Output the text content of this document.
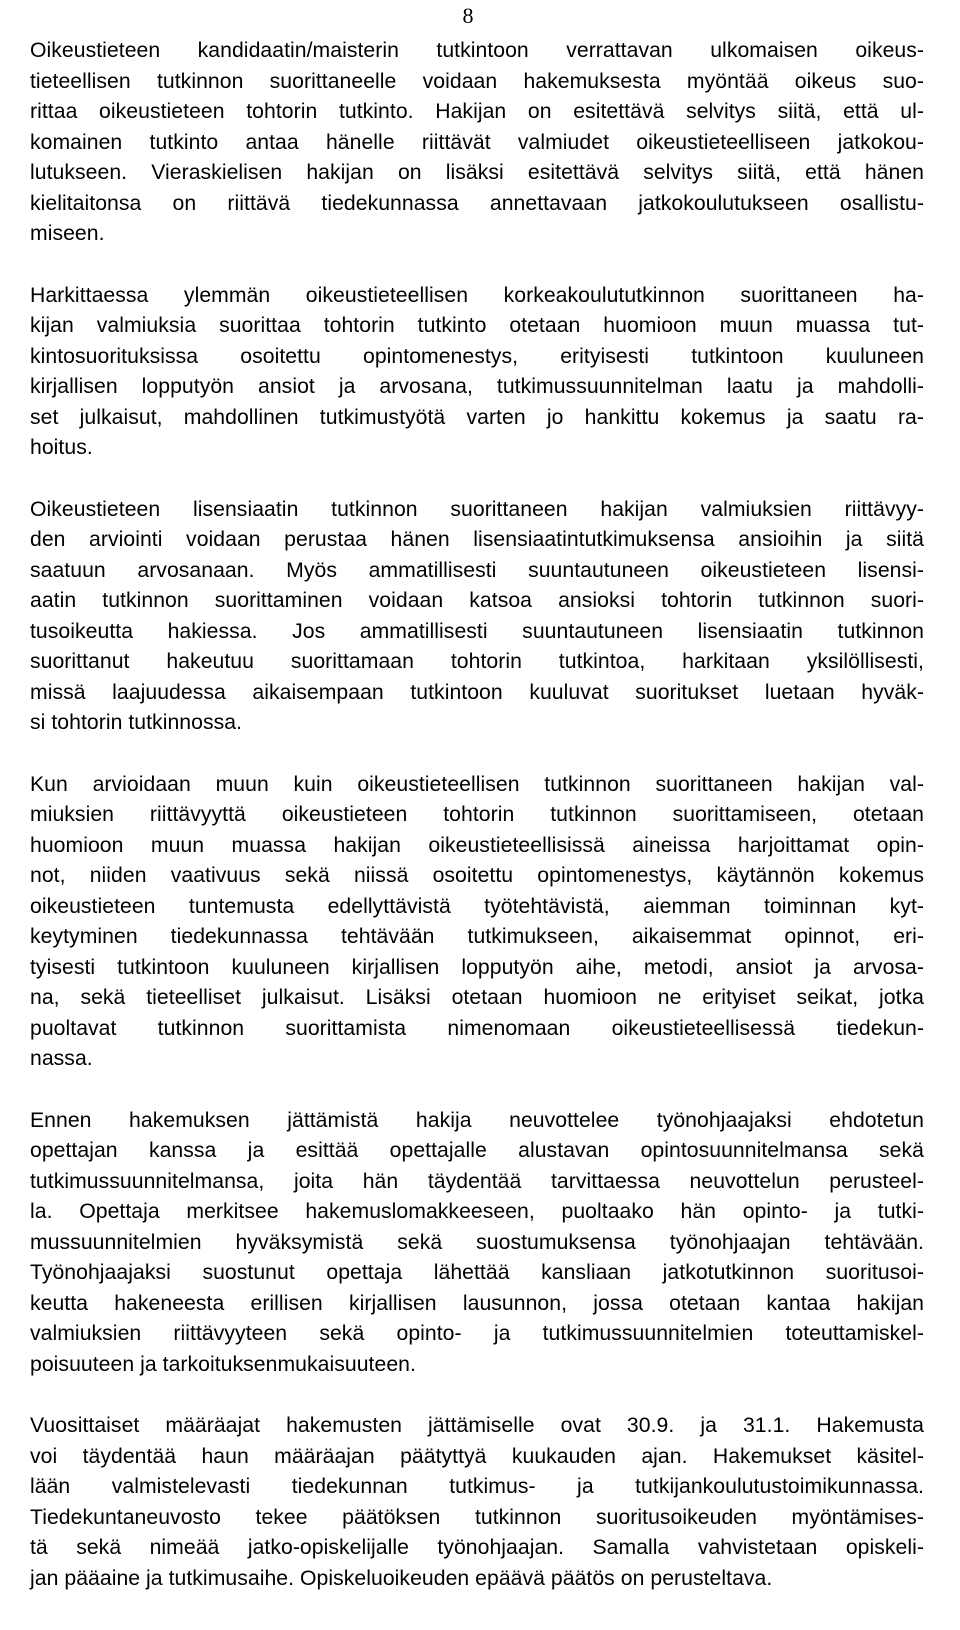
8
Oikeustieteen kandidaatin/maisterin tutkintoon verrattavan ulkomaisen oikeus-
tieteellisen tutkinnon suorittaneelle voidaan hakemuksesta myöntää oikeus suo-
rittaa oikeustieteen tohtorin tutkinto. Hakijan on esitettävä selvitys siitä, että ul-
komainen tutkinto antaa hänelle riittävät valmiudet oikeustieteelliseen jatkokou-
lutukseen. Vieraskielisen hakijan on lisäksi esitettävä selvitys siitä, että hänen
kielitaitonsa on riittävä tiedekunnassa annettavaan jatkokoulutukseen osallistu-
miseen.
Harkittaessa ylemmän oikeustieteellisen korkeakoulututkinnon suorittaneen ha-
kijan valmiuksia suorittaa tohtorin tutkinto otetaan huomioon muun muassa tut-
kintosuorituksissa osoitettu opintomenestys, erityisesti tutkintoon kuuluneen
kirjallisen lopputyön ansiot ja arvosana, tutkimussuunnitelman laatu ja mahdolli-
set julkaisut, mahdollinen tutkimustyötä varten jo hankittu kokemus ja saatu ra-
hoitus.
Oikeustieteen lisensiaatin tutkinnon suorittaneen hakijan valmiuksien riittävyy-
den arviointi voidaan perustaa hänen lisensiaatintutkimuksensa ansioihin ja siitä
saatuun arvosanaan. Myös ammatillisesti suuntautuneen oikeustieteen lisensi-
aatin tutkinnon suorittaminen voidaan katsoa ansioksi tohtorin tutkinnon suori-
tusoikeutta hakiessa. Jos ammatillisesti suuntautuneen lisensiaatin tutkinnon
suorittanut hakeutuu suorittamaan tohtorin tutkintoa, harkitaan yksilöllisesti,
missä laajuudessa aikaisempaan tutkintoon kuuluvat suoritukset luetaan hyväk-
si tohtorin tutkinnossa.
Kun arvioidaan muun kuin oikeustieteellisen tutkinnon suorittaneen hakijan val-
miuksien riittävyyttä oikeustieteen tohtorin tutkinnon suorittamiseen, otetaan
huomioon muun muassa hakijan oikeustieteellisissä aineissa harjoittamat opin-
not, niiden vaativuus sekä niissä osoitettu opintomenestys, käytännön kokemus
oikeustieteen tuntemusta edellyttävistä työtehtävistä, aiemman toiminnan kyt-
keytyminen tiedekunnassa tehtävään tutkimukseen, aikaisemmat opinnot, eri-
tyisesti tutkintoon kuuluneen kirjallisen lopputyön aihe, metodi, ansiot ja arvosa-
na, sekä tieteelliset julkaisut. Lisäksi otetaan huomioon ne erityiset seikat, jotka
puoltavat tutkinnon suorittamista nimenomaan oikeustieteellisessä tiedekun-
nassa.
Ennen hakemuksen jättämistä hakija neuvottelee työnohjaajaksi ehdotetun
opettajan kanssa ja esittää opettajalle alustavan opintosuunnitelmansa sekä
tutkimussuunnitelmansa, joita hän täydentää tarvittaessa neuvottelun perusteel-
la. Opettaja merkitsee hakemuslomakkeeseen, puoltaako hän opinto- ja tutki-
mussuunnitelmien hyväksymistä sekä suostumuksensa työnohjaajan tehtävään.
Työnohjaajaksi suostunut opettaja lähettää kansliaan jatkotutkinnon suoritusoi-
keutta hakeneesta erillisen kirjallisen lausunnon, jossa otetaan kantaa hakijan
valmiuksien riittävyyteen sekä opinto- ja tutkimussuunnitelmien toteuttamiskel-
poisuuteen ja tarkoituksenmukaisuuteen.
Vuosittaiset määräajat hakemusten jättämiselle ovat 30.9. ja 31.1. Hakemusta
voi täydentää haun määräajan päätyttyä kuukauden ajan. Hakemukset käsitel-
lään valmistelevasti tiedekunnan tutkimus- ja tutkijankoulutustoimikunnassa.
Tiedekuntaneuvosto tekee päätöksen tutkinnon suoritusoikeuden myöntämises-
tä sekä nimeää jatko-opiskelijalle työnohjaajan. Samalla vahvistetaan opiskeli-
jan pääaine ja tutkimusaihe. Opiskeluoikeuden epäävä päätös on perusteltava.
